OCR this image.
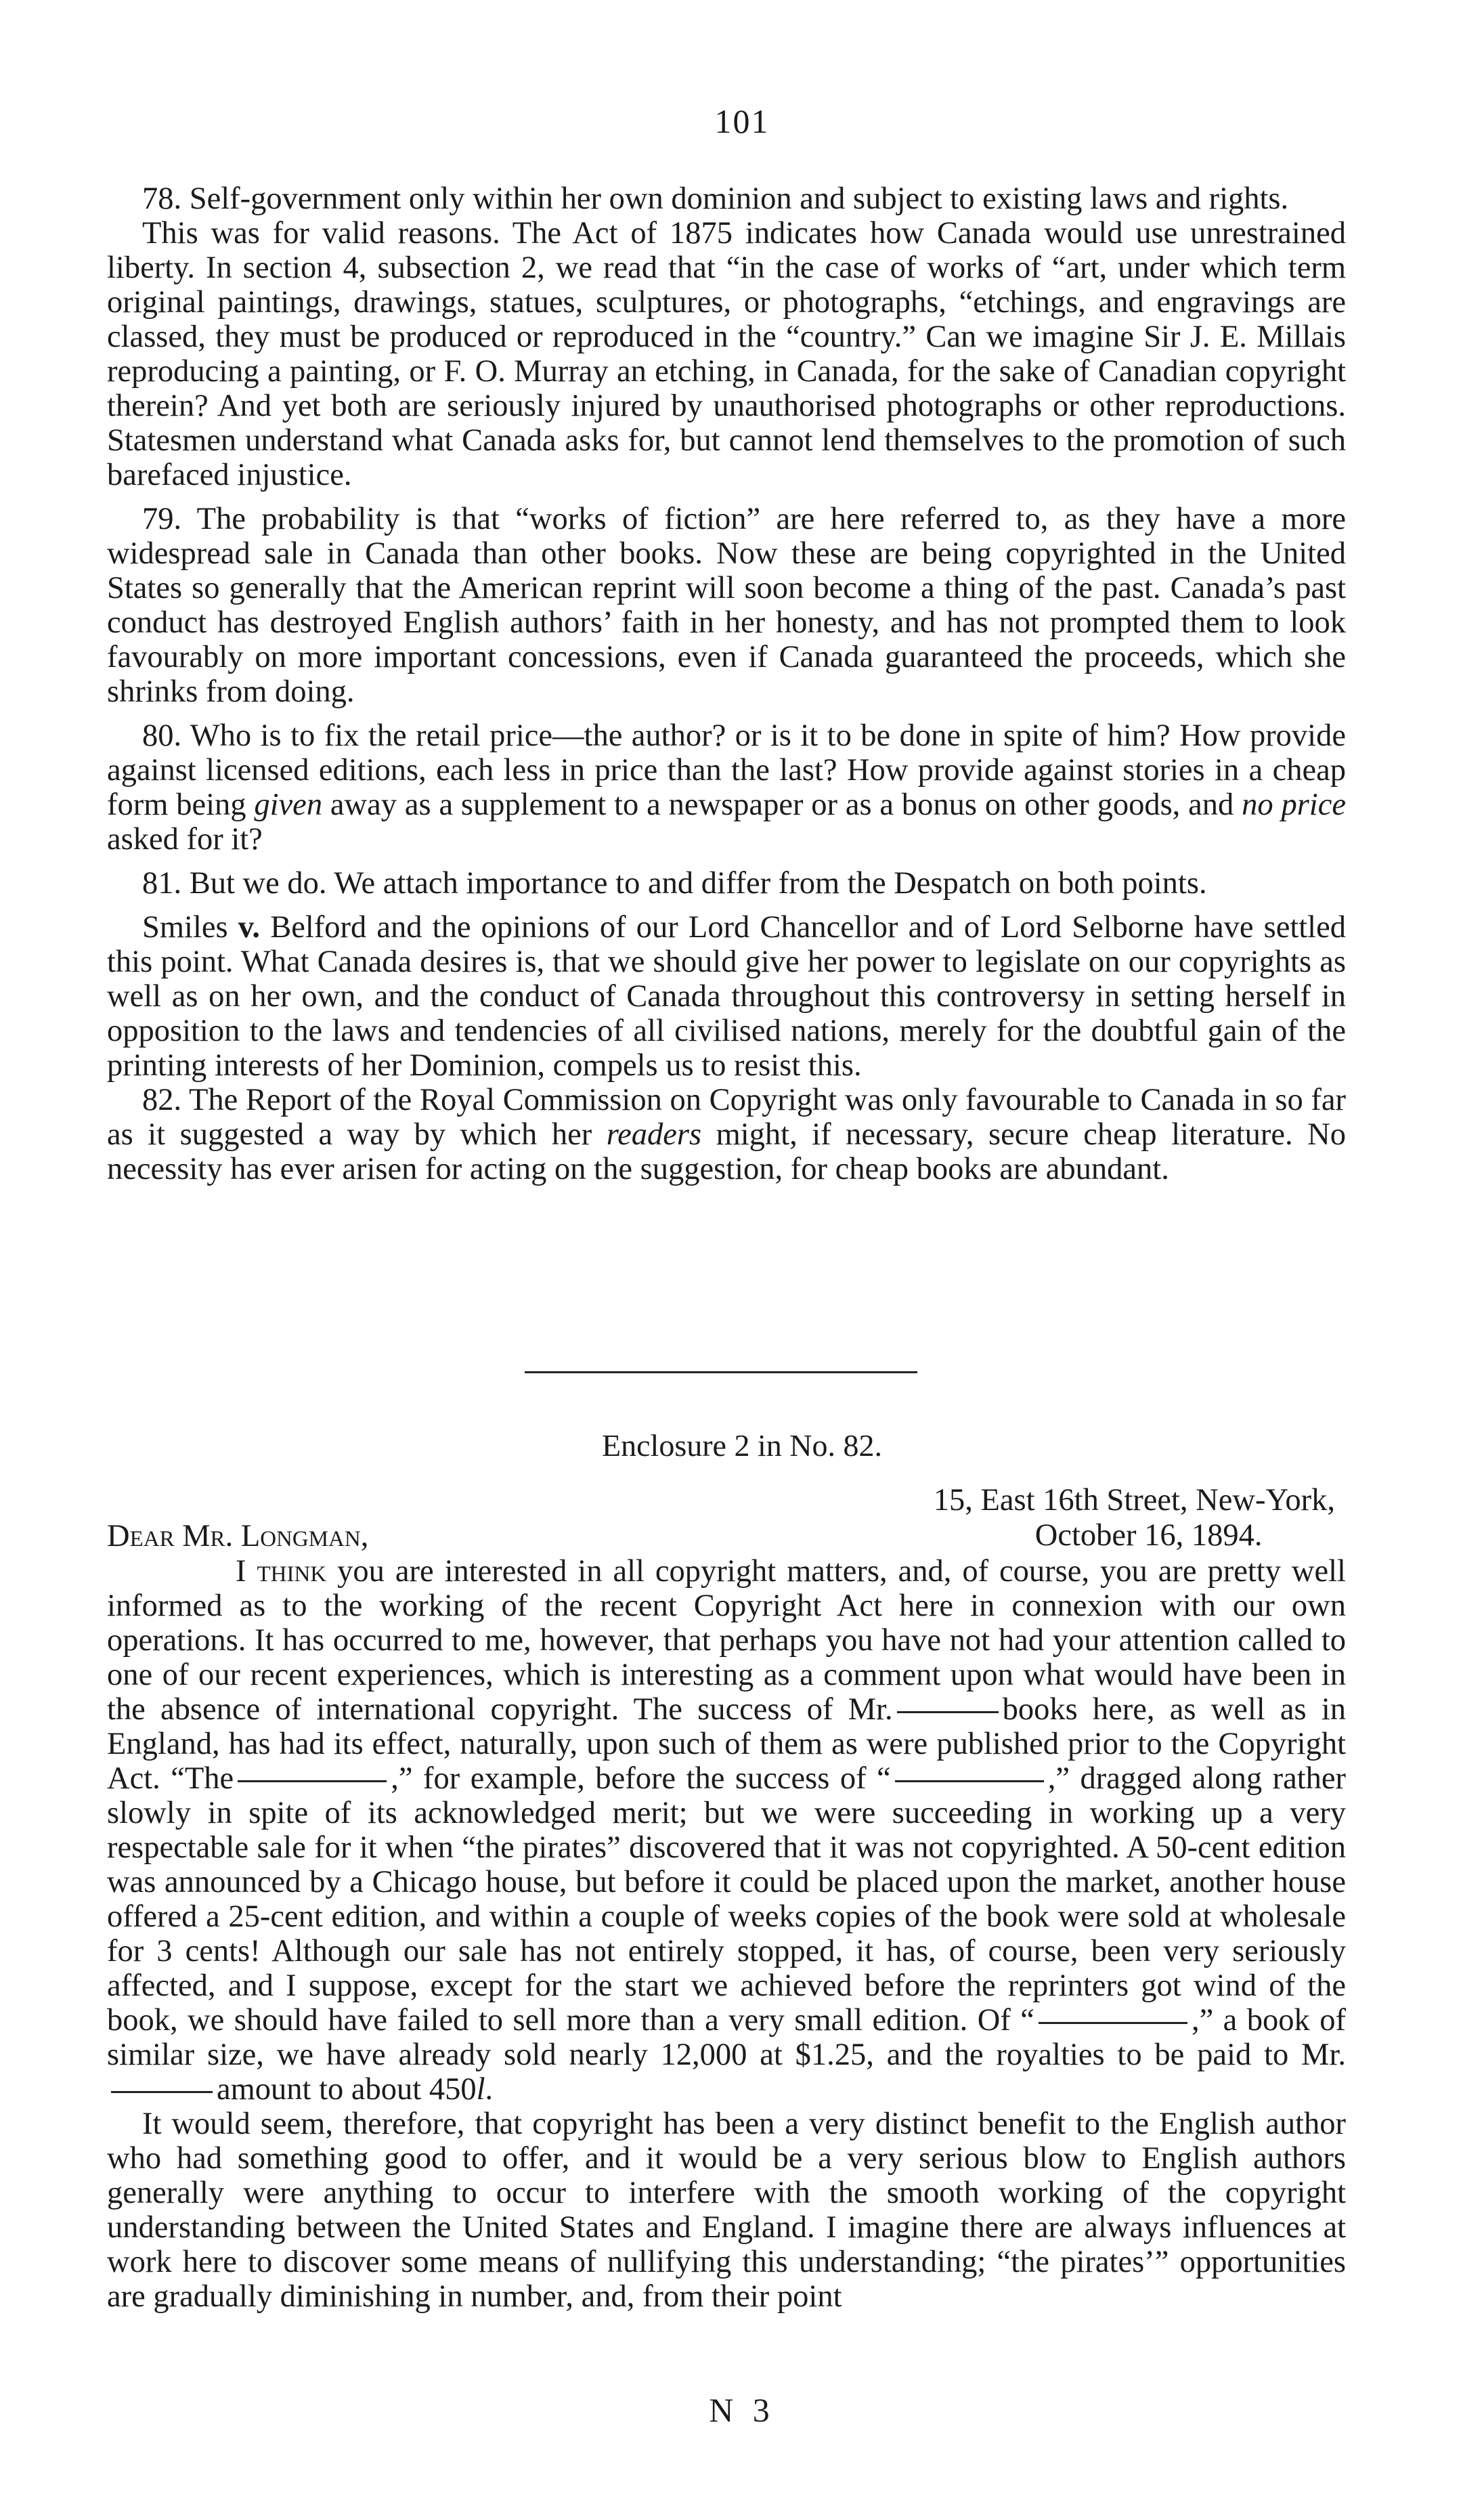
101

78. Self-government only within her own dominion and subject to existing laws and rights.

This was for valid reasons. The Act of 1875 indicates how Canada would use unrestrained liberty. In section 4, subsection 2, we read that “in the case of works of “art, under which term original paintings, drawings, statues, sculptures, or photographs, “etchings, and engravings are classed, they must be produced or reproduced in the “country.” Can we imagine Sir J. E. Millais reproducing a painting, or F. O. Murray an etching, in Canada, for the sake of Canadian copyright therein? And yet both are seriously injured by unauthorised photographs or other reproductions. Statesmen understand what Canada asks for, but cannot lend themselves to the promotion of such barefaced injustice.

79. The probability is that “works of fiction” are here referred to, as they have a more widespread sale in Canada than other books. Now these are being copyrighted in the United States so generally that the American reprint will soon become a thing of the past. Canada’s past conduct has destroyed English authors’ faith in her honesty, and has not prompted them to look favourably on more important concessions, even if Canada guaranteed the proceeds, which she shrinks from doing.

80. Who is to fix the retail price—the author? or is it to be done in spite of him? How provide against licensed editions, each less in price than the last? How provide against stories in a cheap form being given away as a supplement to a newspaper or as a bonus on other goods, and no price asked for it?

81. But we do. We attach importance to and differ from the Despatch on both points.

Smiles v. Belford and the opinions of our Lord Chancellor and of Lord Selborne have settled this point. What Canada desires is, that we should give her power to legislate on our copyrights as well as on her own, and the conduct of Canada throughout this controversy in setting herself in opposition to the laws and tendencies of all civilised nations, merely for the doubtful gain of the printing interests of her Dominion, compels us to resist this.

82. The Report of the Royal Commission on Copyright was only favourable to Canada in so far as it suggested a way by which her readers might, if necessary, secure cheap literature. No necessity has ever arisen for acting on the suggestion, for cheap books are abundant.

Enclosure 2 in No. 82.
15, East 16th Street, New-York,
October 16, 1894.
Dear Mr. Longman,

I think you are interested in all copyright matters, and, of course, you are pretty well informed as to the working of the recent Copyright Act here in connexion with our own operations. It has occurred to me, however, that perhaps you have not had your attention called to one of our recent experiences, which is interesting as a comment upon what would have been in the absence of international copyright. The success of Mr.	books here, as well as in England, has had its effect, naturally, upon such of them as were published prior to the Copyright Act. “The	,” for example, before the success of “	,” dragged along rather slowly in spite of its acknowledged merit; but we were succeeding in working up a very respectable sale for it when “the pirates” discovered that it was not copyrighted. A 50-cent edition was announced by a Chicago house, but before it could be placed upon the market, another house offered a 25-cent edition, and within a couple of weeks copies of the book were sold at wholesale for 3 cents! Although our sale has not entirely stopped, it has, of course, been very seriously affected, and I suppose, except for the start we achieved before the reprinters got wind of the book, we should have failed to sell more than a very small edition. Of “	,” a book of similar size, we have already sold nearly 12,000 at $1.25, and the royalties to be paid to Mr.amount to about 450l.

It would seem, therefore, that copyright has been a very distinct benefit to the English author who had something good to offer, and it would be a very serious blow to English authors generally were anything to occur to interfere with the smooth working of the copyright understanding between the United States and England. I imagine there are always influences at work here to discover some means of nullifying this understanding; “the pirates’” opportunities are gradually diminishing in number, and, from their point

N 3
